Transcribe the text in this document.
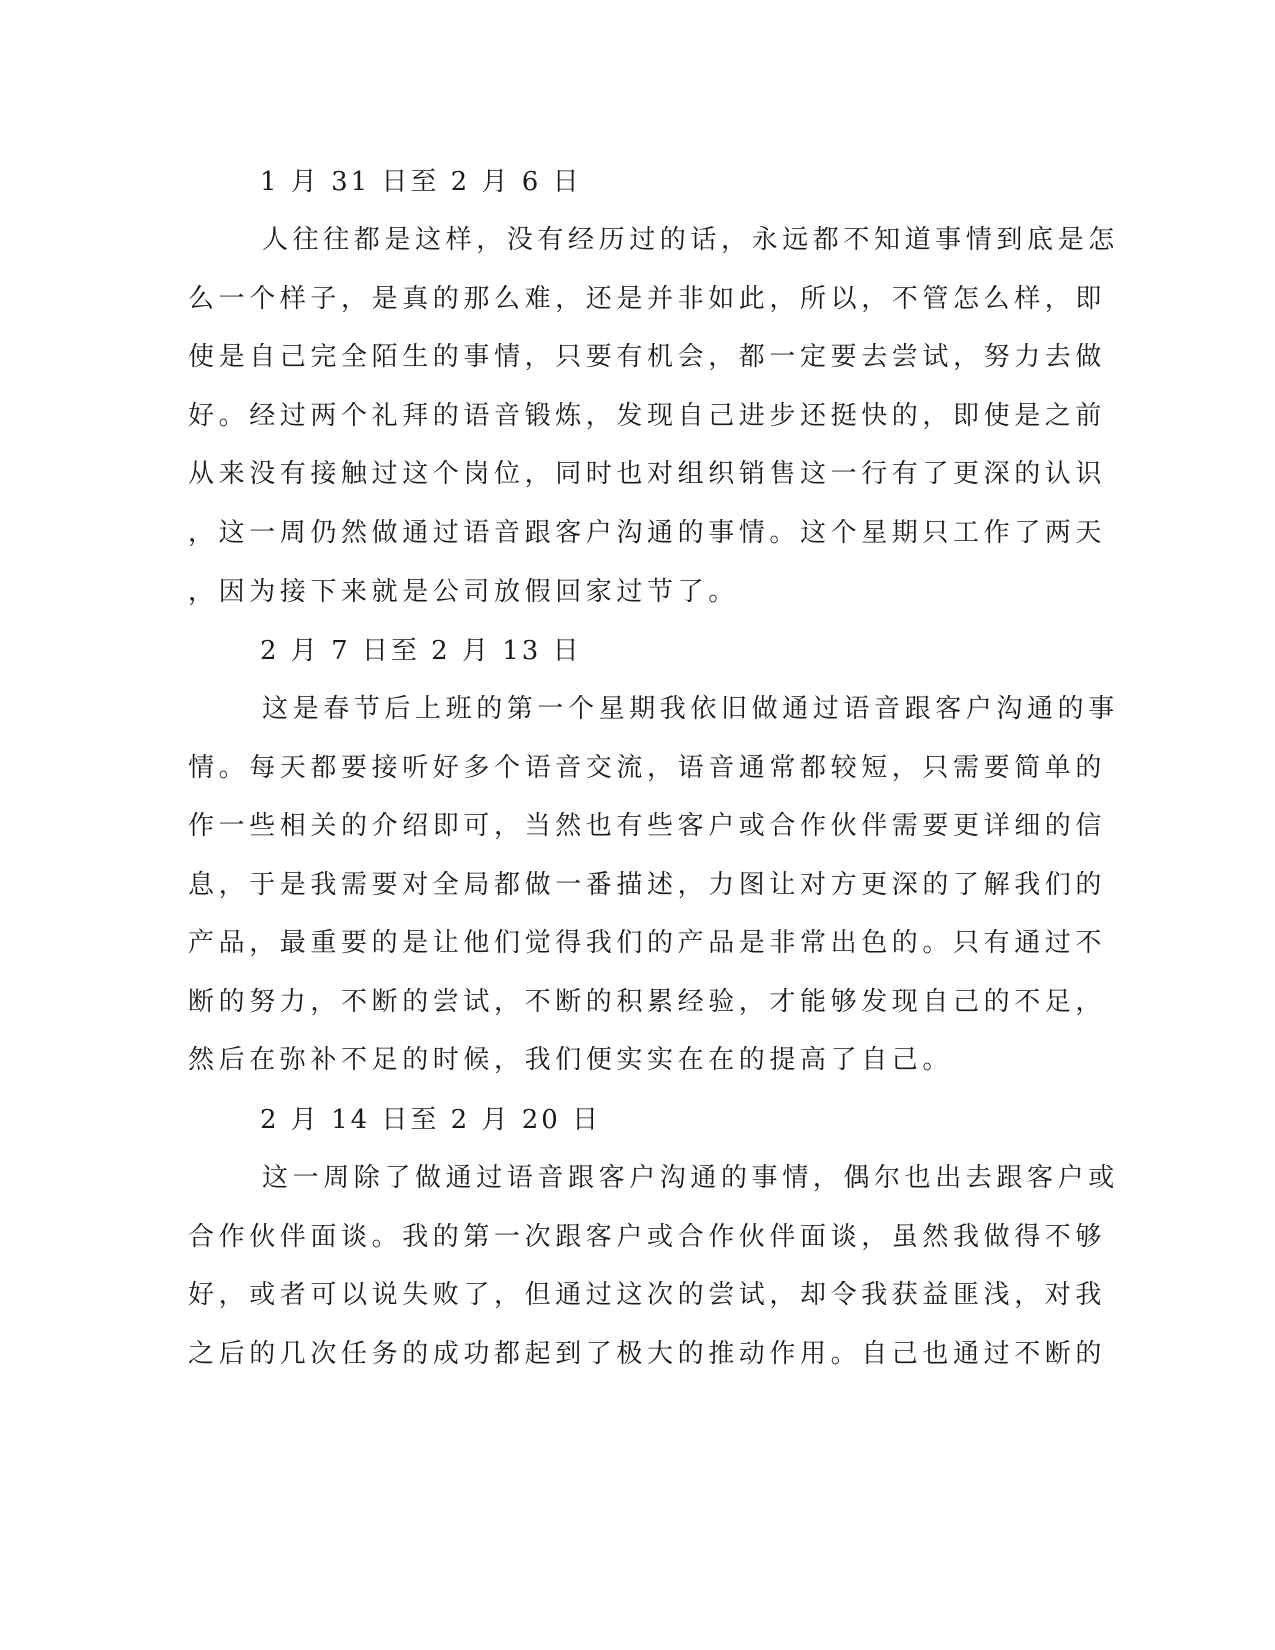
1 月 31 日至 2 月 6 日
人往往都是这样，没有经历过的话，永远都不知道事情到底是怎
么一个样子，是真的那么难，还是并非如此，所以，不管怎么样，即
使是自己完全陌生的事情，只要有机会，都一定要去尝试，努力去做
好。经过两个礼拜的语音锻炼，发现自己进步还挺快的，即使是之前
从来没有接触过这个岗位，同时也对组织销售这一行有了更深的认识
，这一周仍然做通过语音跟客户沟通的事情。这个星期只工作了两天
，因为接下来就是公司放假回家过节了。
2 月 7 日至 2 月 13 日
这是春节后上班的第一个星期我依旧做通过语音跟客户沟通的事
情。每天都要接听好多个语音交流，语音通常都较短，只需要简单的
作一些相关的介绍即可，当然也有些客户或合作伙伴需要更详细的信
息，于是我需要对全局都做一番描述，力图让对方更深的了解我们的
产品，最重要的是让他们觉得我们的产品是非常出色的。只有通过不
断的努力，不断的尝试，不断的积累经验，才能够发现自己的不足，
然后在弥补不足的时候，我们便实实在在的提高了自己。
2 月 14 日至 2 月 20 日
这一周除了做通过语音跟客户沟通的事情，偶尔也出去跟客户或
合作伙伴面谈。我的第一次跟客户或合作伙伴面谈，虽然我做得不够
好，或者可以说失败了，但通过这次的尝试，却令我获益匪浅，对我
之后的几次任务的成功都起到了极大的推动作用。自己也通过不断的
